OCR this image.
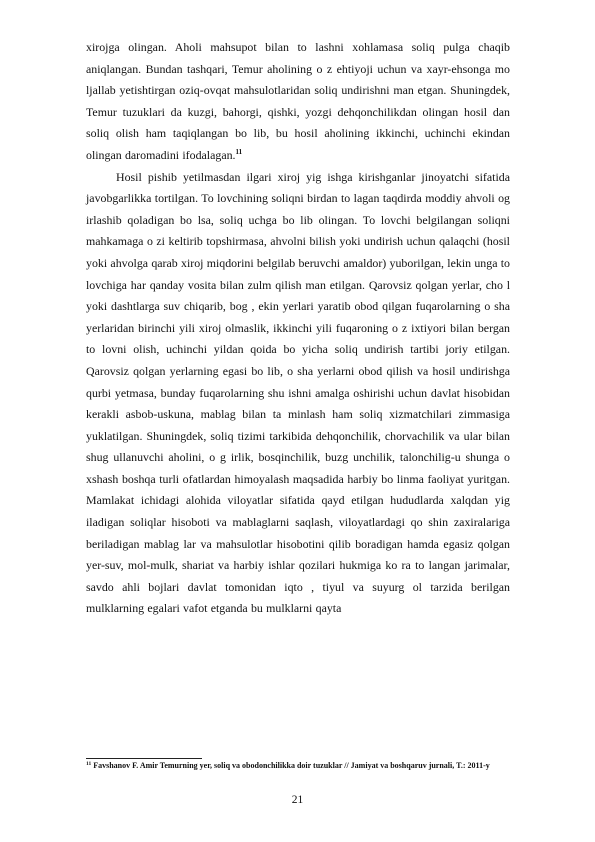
xirojga olingan. Aholi mahsupot bilan to lashni xohlamasa soliq pulga chaqib aniqlangan. Bundan tashqari, Temur aholining o z ehtiyoji uchun va xayr-ehsonga mo ljallab yetishtirgan oziq-ovqat mahsulotlaridan soliq undirishni man etgan. Shuningdek, Temur tuzuklari da kuzgi, bahorgi, qishki, yozgi dehqonchilikdan olingan hosil dan soliq olish ham taqiqlangan bo lib, bu hosil aholining ikkinchi, uchinchi ekindan olingan daromadini ifodalagan.$^{11}$

Hosil pishib yetilmasdan ilgari xiroj yig ishga kirishganlar jinoyatchi sifatida javobgarlikka tortilgan. To lovchining soliqni birdan to lagan taqdirda moddiy ahvoli og irlashib qoladigan bo lsa, soliq uchga bo lib olingan. To lovchi belgilangan soliqni mahkamaga o zi keltirib topshirmasa, ahvolni bilish yoki undirish uchun qalaqchi (hosil yoki ahvolga qarab xiroj miqdorini belgilab beruvchi amaldor) yuborilgan, lekin unga to lovchiga har qanday vosita bilan zulm qilish man etilgan. Qarovsiz qolgan yerlar, cho l yoki dashtlarga suv chiqarib, bog , ekin yerlari yaratib obod qilgan fuqarolarning o sha yerlaridan birinchi yili xiroj olmaslik, ikkinchi yili fuqaroning o z ixtiyori bilan bergan to lovni olish, uchinchi yildan qoida bo yicha soliq undirish tartibi joriy etilgan. Qarovsiz qolgan yerlarning egasi bo lib, o sha yerlarni obod qilish va hosil undirishga qurbi yetmasa, bunday fuqarolarning shu ishni amalga oshirishi uchun davlat hisobidan kerakli asbob-uskuna, mablag bilan ta minlash ham soliq xizmatchilari zimmasiga yuklatilgan. Shuningdek, soliq tizimi tarkibida dehqonchilik, chorvachilik va ular bilan shug ullanuvchi aholini, o g irlik, bosqinchilik, buzg unchilik, talonchilig-u shunga o xshash boshqa turli ofatlardan himoyalash maqsadida harbiy bo linma faoliyat yuritgan. Mamlakat ichidagi alohida viloyatlar sifatida qayd etilgan hududlarda xalqdan yig iladigan soliqlar hisoboti va mablaglarni saqlash, viloyatlardagi qo shin zaxiralariga beriladigan mablag lar va mahsulotlar hisobotini qilib boradigan hamda egasiz qolgan yer-suv, mol-mulk, shariat va harbiy ishlar qozilari hukmiga ko ra to langan jarimalar, savdo ahli bojlari davlat tomonidan iqto , tiyul va suyurg ol tarzida berilgan mulklarning egalari vafot etganda bu mulklarni qayta

$^{11}$ Favshanov F. Amir Temurning yer, soliq va obodonchilikka doir tuzuklar // Jamiyat va boshqaruv jurnali, T.: 2011-y

21
